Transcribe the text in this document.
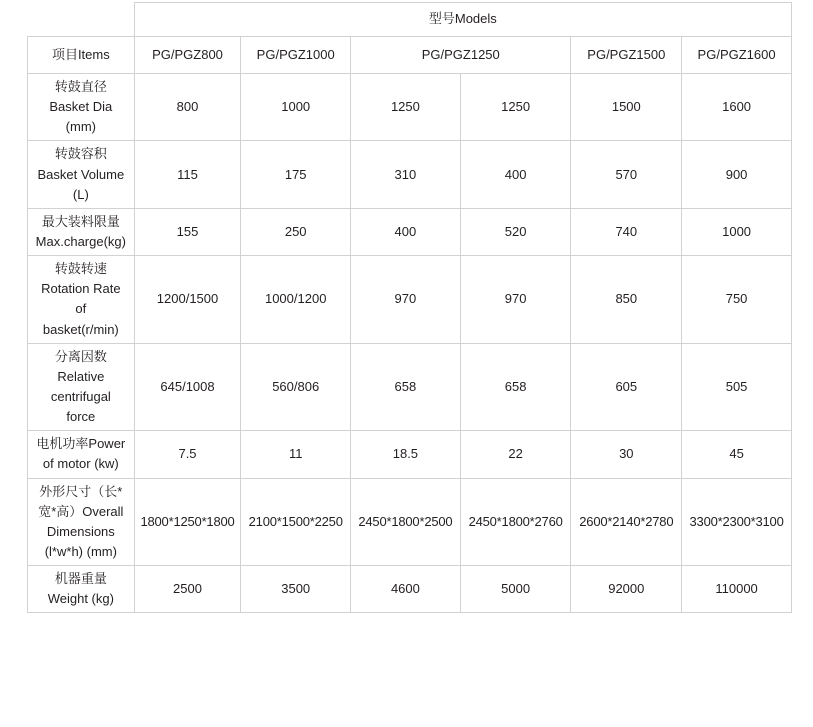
	型号Models					
项目Items	PG/PGZ800	PG/PGZ1000	PG/PGZ1250		PG/PGZ1500	PG/PGZ1600

转鼓直径
Basket Dia
(mm)	800	1000	1250	1250	1500	1600

转鼓容积
Basket Volume
(L)	115	175	310	400	570	900

最大装料限量
Max.charge(kg)	155	250	400	520	740	1000

转鼓转速
Rotation Rate
of
basket(r/min)	1200/1500	1000/1200	970	970	850	750

分离因数
Relative
centrifugal
force	645/1008	560/806	658	658	605	505

电机功率Power
of motor (kw)	7.5	11	18.5	22	30	45

外形尺寸（长*
宽*高）Overall
Dimensions
(l*w*h) (mm)	1800*1250*1800	2100*1500*2250	2450*1800*2500	2450*1800*2760	2600*2140*2780	3300*2300*3100

机器重量
Weight (kg)	2500	3500	4600	5000	92000	110000
